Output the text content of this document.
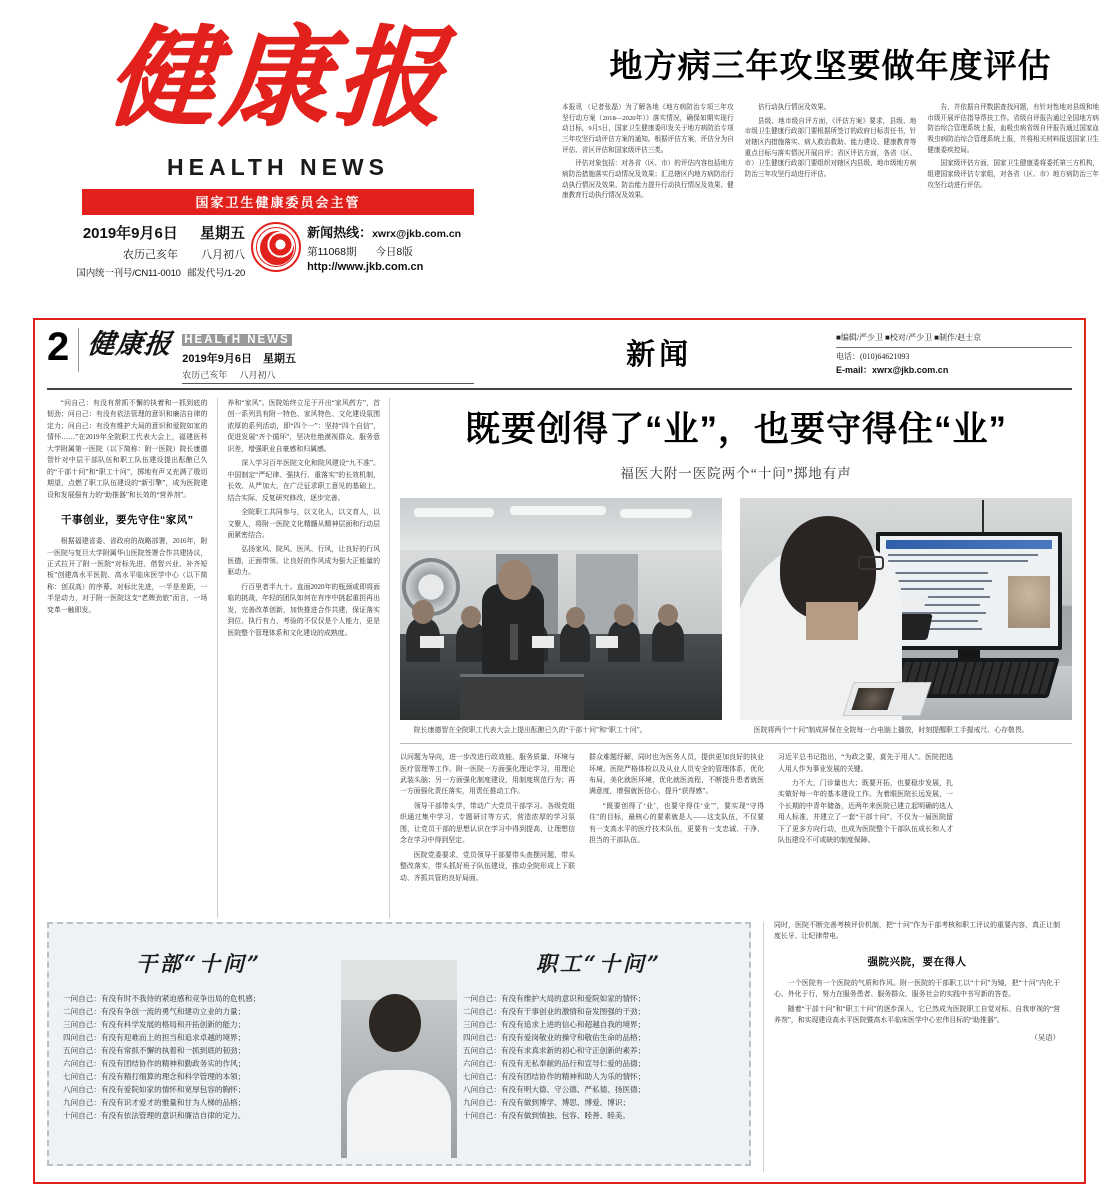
健康报
HEALTH NEWS
国家卫生健康委员会主管
2019年9月6日 星期五
农历己亥年 八月初八
国内统一刊号/CN11-0010 邮发代号/1-20
新闻热线：xwrx@jkb.com.cn
第11068期 今日8版
http://www.jkb.com.cn
地方病三年攻坚要做年度评估

本报讯 （记者张磊）为了解各地《地方病防治专项三年攻坚行动方案（2018—2020年）》落实情况，确保如期实现行动目标，9月5日，国家卫生健康委印发关于地方病防治专项三年攻坚行动评估方案的通知。根据评估方案，评估分为自评估、省区评估和国家级评估三类。

评估对象包括：对各省（区、市）的评估内容包括地方病防治措施落实行动情况及效果；汇总辖区内地方病防治行动执行情况及效果、防治能力提升行动执行情况及效果、健康教育行动执行情况及效果。

估行动执行情况及效果。

县级、地市级自评方面，《评估方案》要求，县级、地市级卫生健康行政部门要根据所签订的政府目标责任书，针对辖区内措施落实、病人救治救助、能力建设、健康教育等重点目标与落实情况开展自评；省区评估方面，各省（区、市）卫生健康行政部门要组织对辖区内县级、地市级地方病防治三年攻坚行动进行评估。

告，并依据自评数据查找问题，有针对性地对县级和地市级开展评估指导帮扶工作。省级自评报告通过全国地方病防治综合管理系统上报，血吸虫病省级自评报告通过国家血吸虫病防治综合管理系统上报，并将相关材料报送国家卫生健康委疾控局。

国家级评估方面，国家卫生健康委将委托第三方机构，组建国家级评估专家组，对各省（区、市）地方病防治三年攻坚行动进行评估。

2 健康报 HEALTH NEWS
2019年9月6日 星期五
农历己亥年 八月初八
新闻
■编辑/严少卫 ■校对/严少卫 ■制作/赵士京
电话：(010)64621093
E-mail：xwrx@jkb.com.cn

“问自己：有没有常抓不懈的执着和一抓到底的韧劲；问自己：有没有依法管理的意识和廉洁自律的定力；问自己：有没有维护大局的意识和爱院如家的情怀……”在2019年全院职工代表大会上，福建医科大学附属第一医院（以下简称：附一医院）院长康德智针对中层干部队伍和职工队伍建设提出酝酿已久的“干部十问”和“职工十问”，掷地有声又充满了殷切期望，点燃了职工队伍建设的“新引擎”，成为医院建设和发展强有力的“助推器”和长效的“营养剂”。

干事创业，要先守住“家风”

根据福建省委、省政府的战略部署，2016年，附一医院与复旦大学附属华山医院签署合作共建协议，正式拉开了附一医院“对标先进、借智兴业、补齐短板”创建高水平医院、高水平临床医学中心（以下简称：创双高）的序幕。对标比先进，一半是差距，一半是动力，对于附一医院这支“老牌劲旅”而言，一场变革一触即发。

养和“家风”。医院始终立足于开出“家风药方”，首创一系列具有附一特色、家风特色、文化建设氛围浓厚的系列活动，即“四个一”：坚持“四个自信”，促进发展“齐个循环”，坚决杜绝漠视群众、服务意识差，增强职业自豪感和归属感。

深入学习百年医院文化和院风建设“九不准”。中国制定“严纪律、强执行、重落实”的长效机制，长效、从严加大，在广泛征求职工意见的基础上，结合实际，反复研究修改，逐步完善。

全院职工共同参与，以文化人，以文育人，以文聚人，将附一医院文化精髓从精神层面和行动层面紧密结合。

弘扬家风、院风、医风、行风，让良好的行风医德，正面带领、让良好的作风成为强大正能量的驱动力。

行百里者半九十。直面2020年的瓶颈或即将面临的挑战，年轻的团队如何在有序中挑起重担再出发，完善改革创新，加快推进合作共建，保证落实到位、执行有力，考验的不仅仅是个人能力，更是医院整个管理体系和文化建设的成熟度。

既要创得了“业”，也要守得住“业”
福医大附一医院两个“十问”掷地有声
院长康德智在全院职工代表大会上提出酝酿已久的“干部十问”和“职工十问”。	医院将两个“十问”制成屏保在全院每一台电脑上播放，时刻提醒职工手握戒尺、心存敬畏。

以问题为导向，进一步改进行政效能、服务质量、环境与医疗管理等工作。附一医院一方面强化理论学习，用理论武装头脑；另一方面强化制度建设，用制度规范行为；再一方面强化责任落实，用责任推动工作。

领导干部带头学，带动广大党员干部学习。各级党组织通过集中学习、专题研讨等方式，营造浓厚的学习氛围，让党员干部的思想认识在学习中得到提高，让理想信念在学习中得到坚定。

医院党委要求，党员领导干部要带头查摆问题，带头整改落实，带头抓好班子队伍建设，推动全院形成上下联动、齐抓共管的良好局面。

群众难题纾解，同时也为医务人员，提供更加良好的执业环境。医院严格体检以及从业人员安全的管理体系，优化布局，美化就医环境、优化就医流程，不断提升患者就医满意度，增强就医信心，提升“获得感”。

“既要创得了‘业’，也要守得住‘业’”，要实现“守得住”的目标，最核心的要素就是人——这支队伍，不仅要有一支高水平的医疗技术队伍，更要有一支忠诚、干净、担当的干部队伍。

习近平总书记指出，“为政之要，莫先于用人”。医院把选人用人作为事业发展的关键。

力不大，门诊量也大；既要开拓，也要稳步发展，扎实做好每一年的基本建设工作。为着眼医院长远发展，一个长期的中青年储备，近两年来医院已建立起明确的选人用人标准，并建立了一套“干部十问”，不仅为一届医院留下了更多方向行动，也成为医院整个干部队伍成长和人才队伍建设不可或缺的制度保障。

干部“十问”
一问自己：有没有时不我待的紧迫感和竞争出局的危机感；
二问自己：有没有争创一流的勇气和建功立业的力量；
三问自己：有没有科学发展的格局和开拓创新的能力；
四问自己：有没有迎难而上的担当和追求卓越的境界；
五问自己：有没有常抓不懈的执着和一抓到底的韧劲；
六问自己：有没有团结协作的精神和勤政务实的作风；
七问自己：有没有精打细算的理念和科学管理的本领；
八问自己：有没有爱院如家的情怀和宽厚包容的胸怀；
九问自己：有没有识才爱才的雅量和甘为人梯的品格；
十问自己：有没有依法管理的意识和廉洁自律的定力。
职工“十问”
一问自己：有没有维护大局的意识和爱院如家的情怀；
二问自己：有没有干事创业的激情和奋发图强的干劲；
三问自己：有没有追求上进的信心和超越自我的境界；
四问自己：有没有爱岗敬业的操守和敬佑生命的品格；
五问自己：有没有求真求新的初心和守正创新的素养；
六问自己：有没有无私奉献的品行和宣导仁爱的品德；
七问自己：有没有团结协作的精神和助人为乐的情怀；
八问自己：有没有明大德、守公德、严私德、扬医德；
九问自己：有没有做到博学、博思、博爱、博识；
十问自己：有没有做到慎独、包容、睦善、睦美。

同时，医院不断完善考核评价机制，把“十问”作为干部考核和职工评议的重要内容，真正让制度长牙、让纪律带电。

强院兴院，要在得人

一个医院有一个医院的气质和作风。附一医院的干部职工以“十问”为镜，把“十问”内化于心、外化于行，努力在服务患者、服务群众、服务社会的实践中书写新的答卷。

随着“干部十问”和“职工十问”的逐步深入，它已然成为医院职工自觉对标、自我审视的“营养剂”，和实现建设高水平医院暨高水平临床医学中心宏伟目标的“助推器”。

（吴语）
